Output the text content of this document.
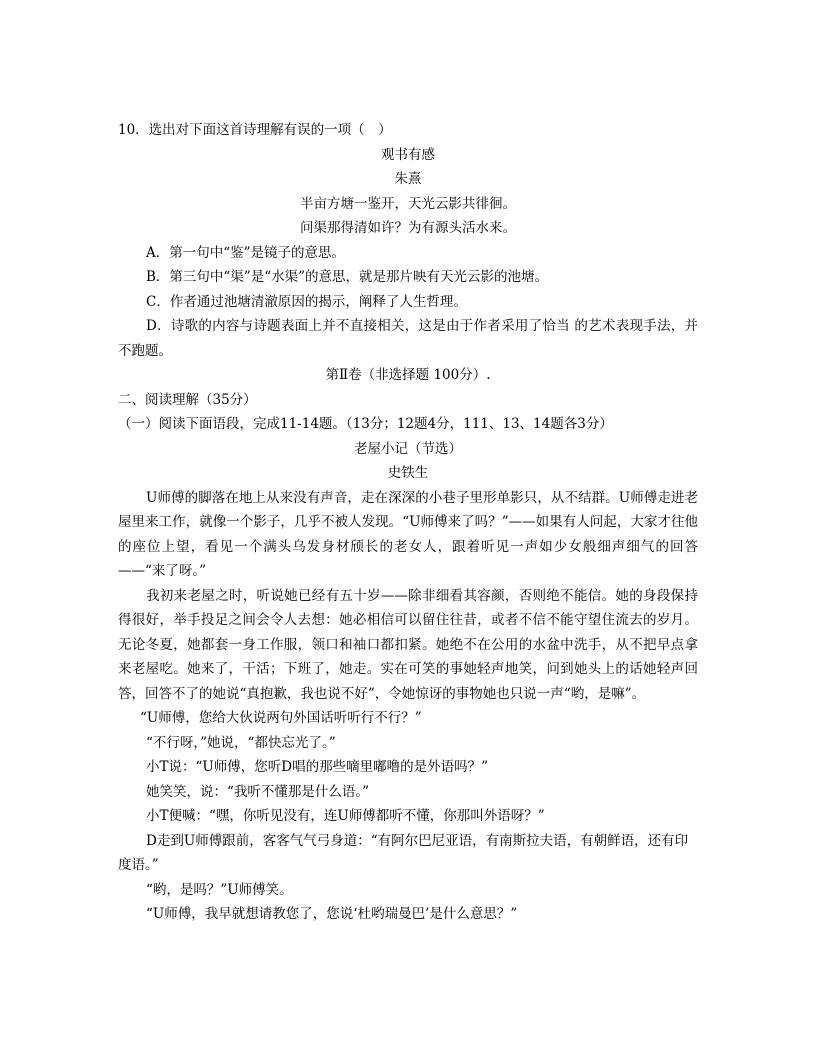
10．选出对下面这首诗理解有误的一项（　）
观书有感
朱熹
半亩方塘一鉴开，天光云影共徘徊。
问渠那得清如许？为有源头活水来。
A．第一句中“鉴”是镜子的意思。
B．第三句中“渠”是“水渠”的意思，就是那片映有天光云影的池塘。
C．作者通过池塘清澈原因的揭示，阐释了人生哲理。
D．诗歌的内容与诗题表面上并不直接相关，这是由于作者采用了恰当 的艺术表现手法，并不跑题。
第Ⅱ卷（非选择题 100分）.
二、阅读理解（35分）
（一）阅读下面语段，完成11-14题。（13分；12题4分，111、13、14题各3分）
老屋小记（节选）
史铁生
U师傅的脚落在地上从来没有声音，走在深深的小巷子里形单影只，从不结群。U师傅走进老屋里来工作，就像一个影子，几乎不被人发现。“U师傅来了吗？”——如果有人问起，大家才往他的座位上望，看见一个满头乌发身材颀长的老女人，跟着听见一声如少女般细声细气的回答——“来了呀。”
我初来老屋之时，听说她已经有五十岁——除非细看其容颜，否则绝不能信。她的身段保持得很好，举手投足之间会令人去想：她必相信可以留住往昔，或者不信不能守望住流去的岁月。无论冬夏，她都套一身工作服，领口和袖口都扣紧。她绝不在公用的水盆中洗手，从不把早点拿来老屋吃。她来了，干活；下班了，她走。实在可笑的事她轻声地笑，问到她头上的话她轻声回答，回答不了的她说“真抱歉，我也说不好”，令她惊讶的事物她也只说一声“哟，是嘛”。
“U师傅，您给大伙说两句外国话听听行不行？”
“不行呀，”她说，“都快忘光了。”
小T说：“U师傅，您听D唱的那些嘀里嘟噜的是外语吗？”
她笑笑，说：“我听不懂那是什么语。”
小T便喊：“嘿，你听见没有，连U师傅都听不懂，你那叫外语呀？”
D走到U师傅跟前，客客气气弓身道：“有阿尔巴尼亚语，有南斯拉夫语，有朝鲜语，还有印度语。”
“哟，是吗？”U师傅笑。
“U师傅，我早就想请教您了，您说‘杜哟瑞曼巴’是什么意思？”
